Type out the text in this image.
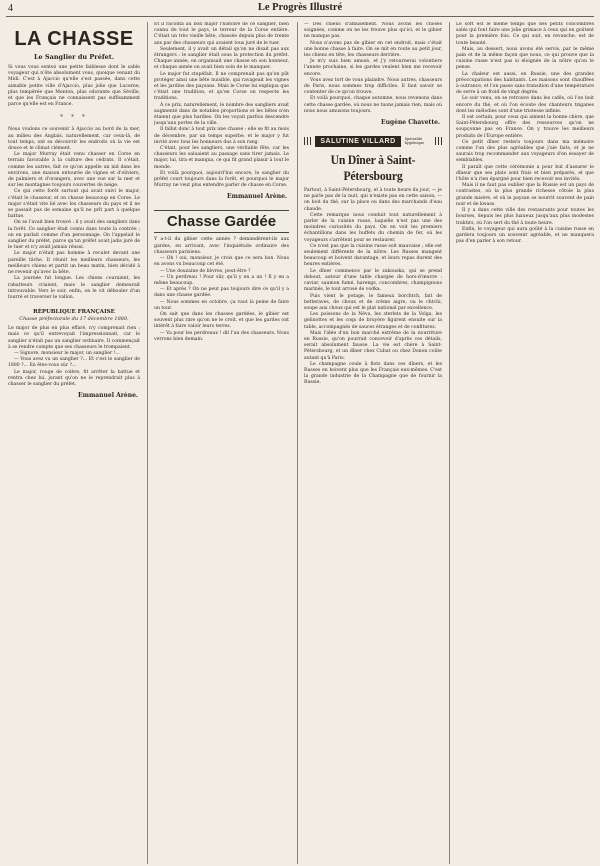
4	Le Progrès Illustré
LA CHASSE
Le Sanglier du Préfet.

Si vous vous sentez une petite faiblesse dont le sable voyageur qui n'ôte absolument vous, quoique venant du Midi. C'est à Ajaccio qu'elle s'est passée, dans cette aimable petite ville d'Ajaccio, plus jolie que Lucerne, plus tempérée que Menton, plus odorante que Séville, et que les Français ne connaissent pas suffisamment parce qu'elle est en France.

* * *

Nous voulons ce souvenir à Ajaccio au bord de la mer, au milieu des Anglais, naturellement, car ceux-là, de tout temps, ont su découvrir les endroits où la vie est douce et le climat clément.

Le major Murray était venu chasser en Corse en terrain favorable à la culture des cédrats. Il s'était, comme les autres, fait ce qu'on appelle un nid dans les environs, une maison entourée de vignes et d'oliviers, de palmiers et d'orangers, avec une vue sur la mer et sur les montagnes toujours couvertes de neige.

Ce qui cette forêt surtout qui avait suivi le major, c'était le chasseur, et on chasse beaucoup en Corse. Le major s'était vite lié avec les chasseurs du pays et il ne se passait pas de semaine qu'il ne prît part à quelque battue.

On se l'avait bien trouvé : il y avait des sangliers dans la forêt. Ce sanglier était connu dans toute la contrée ; on en parlait comme d'un personnage. On l'appelait le sanglier du préfet, parce qu'un préfet avait jadis juré de le tuer et n'y avait jamais réussi.

Le major n'était pas homme à reculer devant une pareille tâche. Il réunit les meilleurs chasseurs, les meilleurs chiens et partit un beau matin, bien décidé à ne revenir qu'avec la bête.

La journée fut longue. Les chiens couraient, les rabatteurs criaient, mais le sanglier demeurait introuvable. Vers le soir, enfin, on le vit débouler d'un fourré et traverser le vallon.

RÉPUBLIQUE FRANÇAISE
Chasse préfectorale du 17 décembre 1880.

Le major de plus en plus effaré, n'y comprenait rien ; mais ce qu'il entrevoyait l'impressionnait, car le sanglier n'était pas un sanglier ordinaire. Il commençait à se rendre compte que ses chasseurs le trompaient.

— Signore, monsieur le major, un sanglier !...

— Vous avez vu un sanglier ?... Et c'est le sanglier de 1880 ?... En êtes-vous sûr ?...

Le major, rouge de colère, fit arrêter la battue et rentra chez lui, jurant qu'on ne le reprendrait plus à chasser le sanglier du préfet.

Emmanuel Arène.

Et il raconta au bon major l'histoire de ce sanglier, bien connu de tout le pays, le terreur de la Corse entière. C'était un très vieille bête, chassée depuis plus de trente ans par des chasseurs qui avaient tous juré de le tuer.

Seulement, il y avait un détail qu'on ne disait pas aux étrangers : le sanglier était sous la protection du préfet. Chaque année, on organisait une chasse en son honneur, et chaque année on avait bien soin de le manquer.

Le major fut stupéfait. Il ne comprenait pas qu'on pût protéger ainsi une bête nuisible, qui ravageait les vignes et les jardins des paysans. Mais le Corse lui expliqua que c'était une tradition, et qu'en Corse on respecte les traditions.

À ce prix, naturellement, le nombre des sangliers avait augmenté dans de notables proportions et les bêtes n'en étaient que plus hardies. On les voyait parfois descendre jusqu'aux portes de la ville.

Il fallut donc à tout prix une chasse : elle se fit au mois de décembre, par un temps superbe, et le major y fut invité avec tous les honneurs dus à son rang.

C'était, pour les sangliers, une véritable fête, car les chasseurs les saluaient au passage sans tirer jamais. Le major, lui, tira et manqua, ce qui fit grand plaisir à tout le monde.

Et voilà pourquoi, aujourd'hui encore, le sanglier du préfet court toujours dans la forêt, et pourquoi le major Murray ne veut plus entendre parler de chasse en Corse.

Emmanuel Arène.
Chasse Gardée

Y a-t-il du gibier cette année ? demandèrent-ils aux gardes, en arrivant, avec l'inquiétude ordinaire des chasseurs parisiens.

— Oh ! oui, monsieur, je crois que ce sera bon. Nous en avons vu beaucoup cet été.

— Une douzaine de lièvres, peut-être ?

— Un perdreau ! Pour sûr, qu'il y en a un ! Il y en a même beaucoup.

— Et après ? On ne peut pas toujours dire ce qu'il y a dans une chasse gardée.

— Nous sommes en octobre, ça vaut la peine de faire un tour.

On sait que dans les chasses gardées, le gibier est souvent plus rare qu'on ne le croit, et que les gardes ont intérêt à faire valoir leurs terres.

— Va pour les perdreaux ! dit l'un des chasseurs. Nous verrons bien demain.

— Des chiens d'amusement. Nous avons les choses soignées, comme on ne les trouve plus qu'ici, et le gibier ne manque pas.

Nous n'avons pas de gibier en cet endroit, mais c'était une bonne chasse à faire. On se mit en route au petit jour, les chiens en tête, les chasseurs derrière.

Je m'y suis bien amusé, et j'y retournerai volontiers l'année prochaine, si les gardes veulent bien me recevoir encore.

Vous avez tort de vous plaindre. Nous autres, chasseurs de Paris, nous sommes trop difficiles. Il faut savoir se contenter de ce qu'on trouve.

Et voilà pourquoi, chaque automne, nous revenons dans cette chasse gardée, où nous ne tuons jamais rien, mais où nous nous amusons toujours.

Eugène Chavette.
SALUTINE VILLARD	Spécialité hygiénique
Un Dîner à Saint-Pétersbourg

Partout, à Saint-Pétersbourg, et à toute heure du jour, — je ne parle pas de la nuit, qui n'existe pas en cette saison, — on boit du thé, sur la place ou dans des marchands d'eau chaude.

Cette remarque nous conduit tout naturellement à parler de la cuisine russe, laquelle n'est pas une des moindres curiosités du pays. On en voit les premiers échantillons dans les buffets du chemin de fer, où les voyageurs s'arrêtent pour se restaurer.

Ce n'est pas que la cuisine russe soit mauvaise ; elle est seulement différente de la nôtre. Les Russes mangent beaucoup et boivent davantage, et leurs repas durent des heures entières.

Le dîner commence par le zakouska, qui se prend debout, autour d'une table chargée de hors-d'œuvre : caviar, saumon fumé, harengs, concombres, champignons marinés, le tout arrosé de vodka.

Puis vient le potage, le fameux borchtch, fait de betteraves, de choux et de crème aigre, ou le chtchi, soupe aux choux qui est le plat national par excellence.

Les poissons de la Néva, les sterlets de la Volga, les gelinottes et les coqs de bruyère figurent ensuite sur la table, accompagnés de sauces étranges et de confitures.

Mais l'idée d'un bon marché extrême de la nourriture en Russie, qu'on pourrait concevoir d'après ces détails, serait absolument fausse. La vie est chère à Saint-Pétersbourg, et un dîner chez Cubat ou chez Donon coûte autant qu'à Paris.

Le champagne coule à flots dans ces dîners, et les Russes en boivent plus que les Français eux-mêmes. C'est la grande industrie de la Champagne que de fournir la Russie.

Le sort est le même temps que des petits concombres salés qui font faire une jolie grimace à ceux qui en goûtent pour la première fois. Ce qui suit, en revanche, est de toute beauté.

Mais, au dessert, nous avons été servis, par le même pain et de la même façon que nous, ce qui prouve que la cuisine russe n'est pas si éloignée de la nôtre qu'on le pense.

La chaleur est aussi, en Russie, une des grandes préoccupations des habitants. Les maisons sont chauffées à outrance, et l'on passe sans transition d'une température de serre à un froid de vingt degrés.

Le soir venu, on se retrouve dans les cafés, où l'on boit encore du thé, et où l'on écoute des chanteurs tziganes dont les mélodies sont d'une tristesse infinie.

Il est certain, pour ceux qui aiment la bonne chère, que Saint-Pétersbourg offre des ressources qu'on ne soupçonne pas en France. On y trouve les meilleurs produits de l'Europe entière.

Ce petit dîner restera toujours dans ma mémoire comme l'un des plus agréables que j'aie faits, et je ne saurais trop recommander aux voyageurs d'en essayer de semblables.

Il paraît que cette cérémonie a pour but d'assurer le dîneur que ses plats sont frais et bien préparés, et que l'hôte n'a rien épargné pour bien recevoir ses invités.

Mais il ne faut pas oublier que la Russie est un pays de contrastes, où la plus grande richesse côtoie la plus grande misère, et où le paysan se nourrit souvent de pain noir et de kwass.

Il y a dans cette ville des restaurants pour toutes les bourses, depuis les plus luxueux jusqu'aux plus modestes traktirs, où l'on sert du thé à toute heure.

Enfin, le voyageur qui aura goûté à la cuisine russe en gardera toujours un souvenir agréable, et ne manquera pas d'en parler à son retour.
